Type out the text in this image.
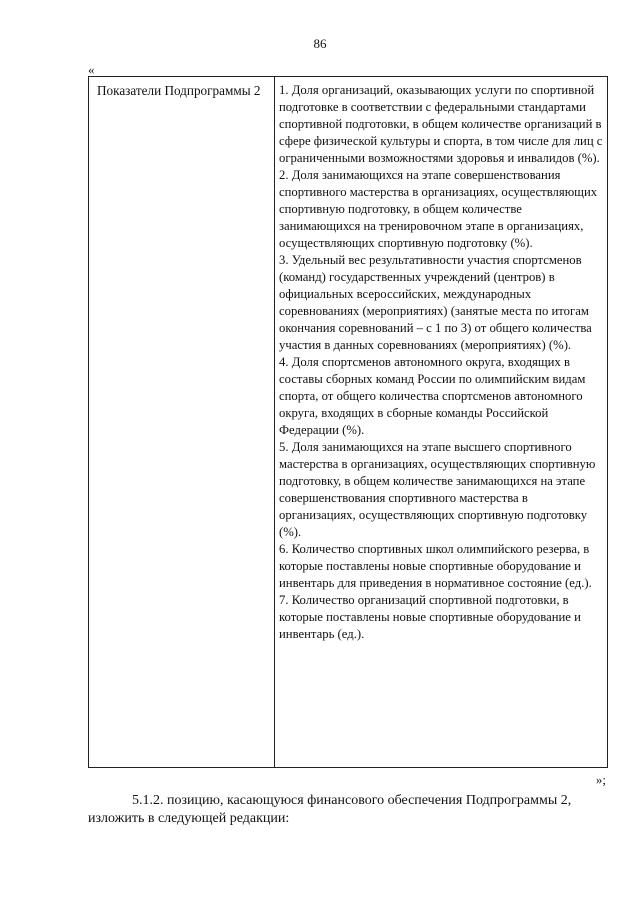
86
«
Показатели Подпрограммы 2	1. Доля организаций, оказывающих услуги по спортивной подготовке в соответствии с федеральными стандартами спортивной подготовки, в общем количестве организаций в сфере физической культуры и спорта, в том числе для лиц с ограниченными возможностями здоровья и инвалидов (%).

2. Доля занимающихся на этапе совершенствования спортивного мастерства в организациях, осуществляющих спортивную подготовку, в общем количестве занимающихся на тренировочном этапе в организациях, осуществляющих спортивную подготовку (%).

3. Удельный вес результативности участия спортсменов (команд) государственных учреждений (центров) в официальных всероссийских, международных соревнованиях (мероприятиях) (занятые места по итогам окончания соревнований – с 1 по 3) от общего количества участия в данных соревнованиях (мероприятиях) (%).

4. Доля спортсменов автономного округа, входящих в составы сборных команд России по олимпийским видам спорта, от общего количества спортсменов автономного округа, входящих в сборные команды Российской Федерации (%).

5. Доля занимающихся на этапе высшего спортивного мастерства в организациях, осуществляющих спортивную подготовку, в общем количестве занимающихся на этапе совершенствования спортивного мастерства в организациях, осуществляющих спортивную подготовку (%).

6. Количество спортивных школ олимпийского резерва, в которые поставлены новые спортивные оборудование и инвентарь для приведения в нормативное состояние (ед.).

7. Количество организаций спортивной подготовки, в которые поставлены новые спортивные оборудование и инвентарь (ед.).

»;
5.1.2. позицию, касающуюся финансового обеспечения Подпрограммы 2, изложить в следующей редакции:
